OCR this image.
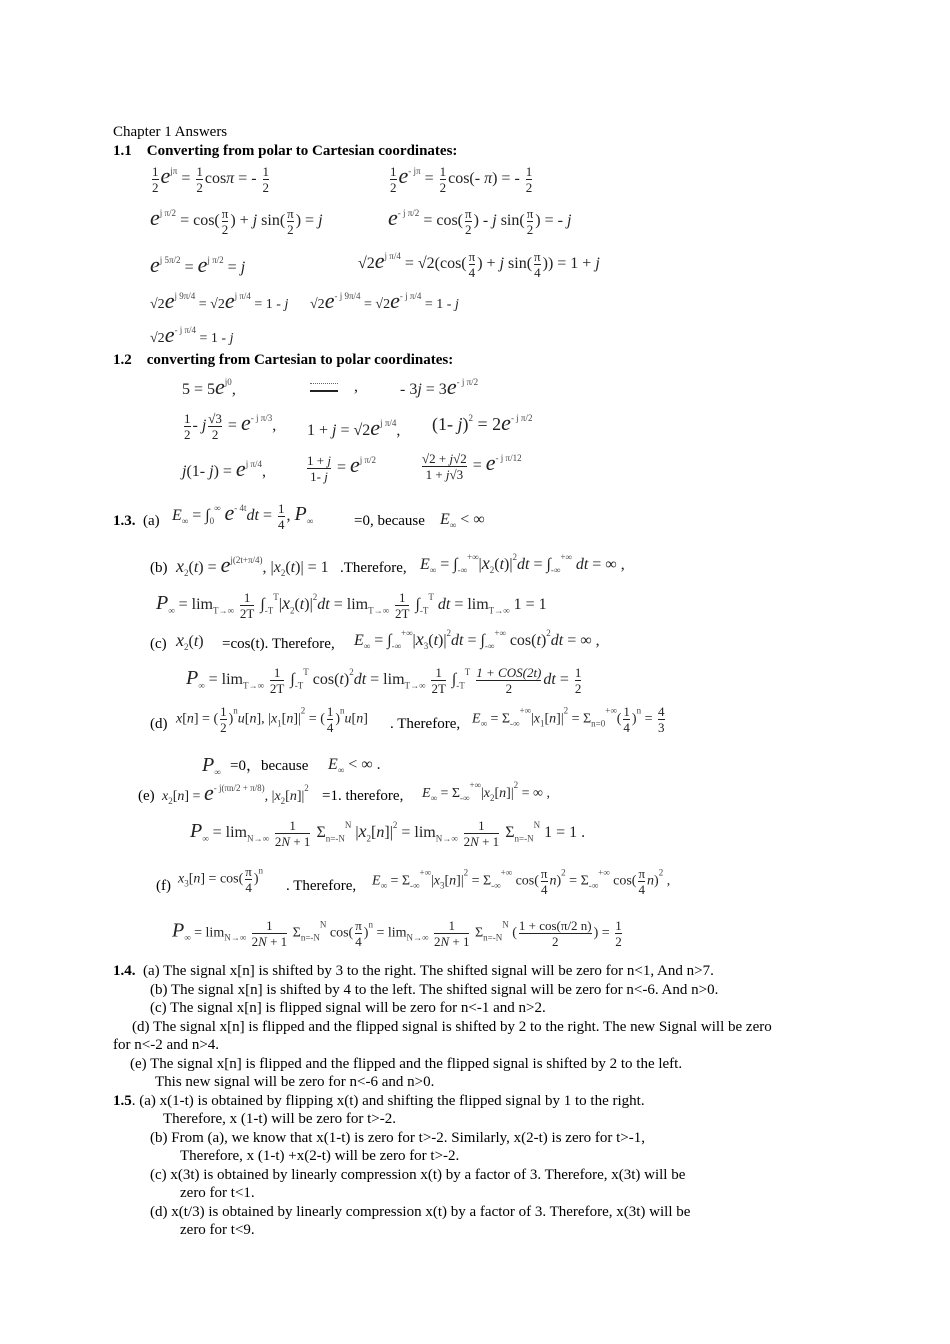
Chapter 1 Answers
1.1 Converting from polar to Cartesian coordinates:
$\frac{1}{2} e^{j\pi} = \frac{1}{2}$ cosπ = - $\frac{1}{2}$	$\frac{1}{2} e^{- j\pi} = \frac{1}{2} \cos(-$ π) = - $\frac{1}{2}$
$e^{j \pi/2} = \cos( \frac{\pi}{2}$ ) + j $\sin( \frac{\pi}{2}$ ) = j	$e^{- j \pi/2} = \cos( \frac{\pi}{2}$ ) - j $\sin( \frac{\pi}{2}$ ) = - j
$e^{j 5\pi/2} = e^{j \pi/2} = j$	$√2e^{j \pi/4} = √2(\cos( \frac{\pi}{4}$ ) + j $\sin( \frac{\pi}{4}$ )) = 1 + j
$√2e^{j 9\pi/4} = √2e^{j \pi/4} = 1 - j$ $√2e^{- j 9\pi/4} = √2e^{- j \pi/4} = 1 - j$
$√2e^{- j \pi/4} = 1 - j$
1.2 converting from Cartesian to polar coordinates:
$5 = 5e^{j0}$,	,	- $3j = 3e^{- j \pi/2}$
$\frac{1}{2} - j \frac{√3}{2} = e^{- j \pi/3}$, $1 + j = √2e^{j \pi/4}$, (1- $j)^2 = 2e^{- j \pi/2}$
j(1- $j) = e^{j \pi/4}$,	$\frac{1 + j}{1- j} = e^{j \pi/2}$	$\frac{√2 + j√2}{1 + j√3} = e^{- j \pi/12}$
1.3. (a) $E_\infty = \int_0^\infty$ $e^{- 4t}dt = \frac{1}{4}$ , $P_\infty$	=0, because $E_\infty$ < ∞
(b) $x_2(t) = e^{j(2t+\pi/4)}$, $|x_2(t)| = 1$ .Therefore, $E_\infty = \int_{-\infty}^{+\infty}|x_2(t)|^2dt = \int_{-\infty}^{+\infty}$ dt = ∞ ,
$P_\infty = \lim_{T\to\infty} \frac{1}{2T} \int_{-T}^T|x_2(t)|^2dt = \lim_{T\to\infty} \frac{1}{2T} \int_{-T}^T$ dt = $\lim_{T\to\infty} 1 = 1$
(c) $x_2(t) =\cos(t)$. Therefore, $E_\infty = \int_{-\infty}^{+\infty}|x_3(t)|^2dt = \int_{-\infty}^{+\infty}$ $\cos(t)^2dt$ = ∞ ,
$P_\infty = \lim_{T\to\infty} \frac{1}{2T} \int_{-T}^T$ $\cos(t)^2dt = \lim_{T\to\infty} \frac{1}{2T} \int_{-T}^T \frac{\text{1 + COS(2t)}}{2}$ dt = $\frac{1}{2}$
(d) x[n] = ( $\frac{1}{2} )^nu[n]$, $|x_1[n]|^2$ = ( $\frac{1}{4} )^nu[n]$ . Therefore, $E_\infty = \Sigma_{-\infty}^{+\infty}|x_1[n]|^2 = \Sigma_{n=0}^{+\infty}( \frac{1}{4} )^n = \frac{4}{3}$
$P_\infty =0$，because $E_\infty$ < ∞ .
(e) $x_2[n] = e^{- j(\pi n/2 + \pi/8)}$, $|x_2[n]|^2 =1$. therefore, $E_\infty = \Sigma_{-\infty}^{+\infty}|x_2[n]|^2$ = ∞ ,
$P_\infty = \lim_{N\to\infty} \frac{1}{2N + 1} \Sigma_{n=-N}^N$ $|x_2[n]|^2 = \lim_{N\to\infty} \frac{1}{2N + 1} \Sigma_{n=-N}^N$ 1 = 1 .
(f) $x_3[n] = \cos( \frac{\pi}{4} )^n$
. Therefore, $E_\infty = \Sigma_{-\infty}^{+\infty}|x_3[n]|^2 = \Sigma_{-\infty}^{+\infty}$ $\cos( \frac{\pi}{4} n)^2 = \Sigma_{-\infty}^{+\infty}$ $\cos( \frac{\pi}{4} n)^2$ ,
$P_\infty = \lim_{N\to\infty} \frac{1}{2N + 1} \Sigma_{n=-N}^N$ $\cos( \frac{\pi}{4} )^n = \lim_{N\to\infty} \frac{1}{2N + 1} \Sigma_{n=-N}^N$ ( $\frac{1 + \cos(\pi/2 n)}{2}$ ) = $\frac{1}{2}$
1.4. (a) The signal x[n] is shifted by 3 to the right. The shifted signal will be zero for n<1, And n>7.
(b) The signal x[n] is shifted by 4 to the left. The shifted signal will be zero for n<-6. And n>0.
(c) The signal x[n] is flipped signal will be zero for n<-1 and n>2.
(d) The signal x[n] is flipped and the flipped signal is shifted by 2 to the right. The new Signal will be zero
for n<-2 and n>4.
(e) The signal x[n] is flipped and the flipped and the flipped signal is shifted by 2 to the left.
This new signal will be zero for n<-6 and n>0.
1.5. (a) x(1-t) is obtained by flipping x(t) and shifting the flipped signal by 1 to the right.
Therefore, x (1-t) will be zero for t>-2.
(b) From (a), we know that x(1-t) is zero for t>-2. Similarly, x(2-t) is zero for t>-1,
Therefore, x (1-t) +x(2-t) will be zero for t>-2.
(c) x(3t) is obtained by linearly compression x(t) by a factor of 3. Therefore, x(3t) will be
zero for t<1.
(d) x(t/3) is obtained by linearly compression x(t) by a factor of 3. Therefore, x(3t) will be
zero for t<9.
